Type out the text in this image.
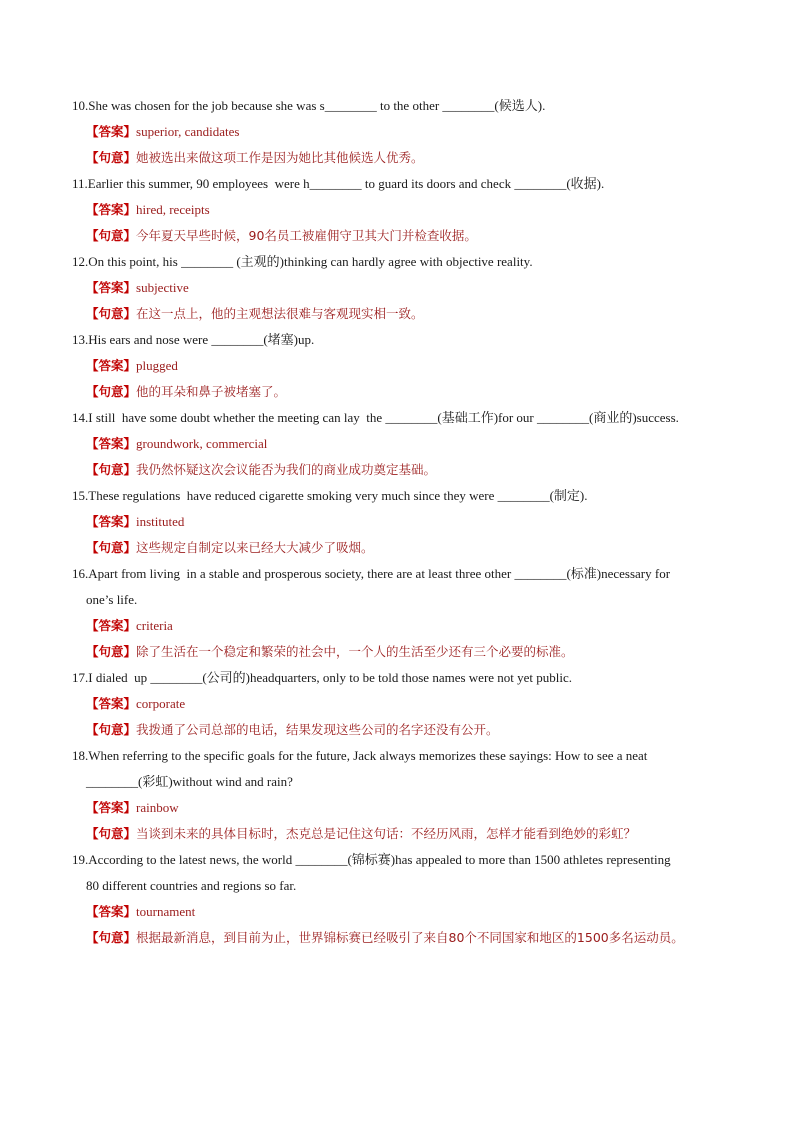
10.She was chosen for the job because she was s________ to the other ________(候选人).

【答案】 superior, candidates
【句意】 她被选出来做这项工作是因为她比其他候选人优秀。

11.Earlier this summer, 90 employees  were h________ to guard its doors and check ________(收据).

【答案】 hired, receipts
【句意】 今年夏天早些时候，90名员工被雇佣守卫其大门并检查收据。

12.On this point, his ________ (主观的)thinking can hardly agree with objective reality.

【答案】 subjective
【句意】 在这一点上，他的主观想法很难与客观现实相一致。

13.His ears and nose were ________(堵塞)up.

【答案】 plugged
【句意】 他的耳朵和鼻子被堵塞了。

14.I still  have some doubt whether the meeting can lay  the ________(基础工作)for our ________(商业的)success.

【答案】 groundwork, commercial
【句意】 我仍然怀疑这次会议能否为我们的商业成功奠定基础。

15.These regulations  have reduced cigarette smoking very much since they were ________(制定).

【答案】 instituted
【句意】 这些规定自制定以来已经大大减少了吸烟。

16.Apart from living  in a stable and prosperous society, there are at least three other ________(标准)necessary for
one’s life.

【答案】 criteria
【句意】 除了生活在一个稳定和繁荣的社会中，一个人的生活至少还有三个必要的标准。

17.I dialed  up ________(公司的)headquarters, only to be told those names were not yet public.

【答案】 corporate
【句意】 我拨通了公司总部的电话，结果发现这些公司的名字还没有公开。

18.When referring to the specific goals for the future, Jack always memorizes these sayings: How to see a neat
________(彩虹)without wind and rain?

【答案】 rainbow
【句意】 当谈到未来的具体目标时，杰克总是记住这句话：不经历风雨，怎样才能看到绝妙的彩虹？

19.According to the latest news, the world ________(锦标赛)has appealed to more than 1500 athletes representing
80 different countries and regions so far.

【答案】 tournament
【句意】 根据最新消息，到目前为止，世界锦标赛已经吸引了来自80个不同国家和地区的1500多名运动员。
